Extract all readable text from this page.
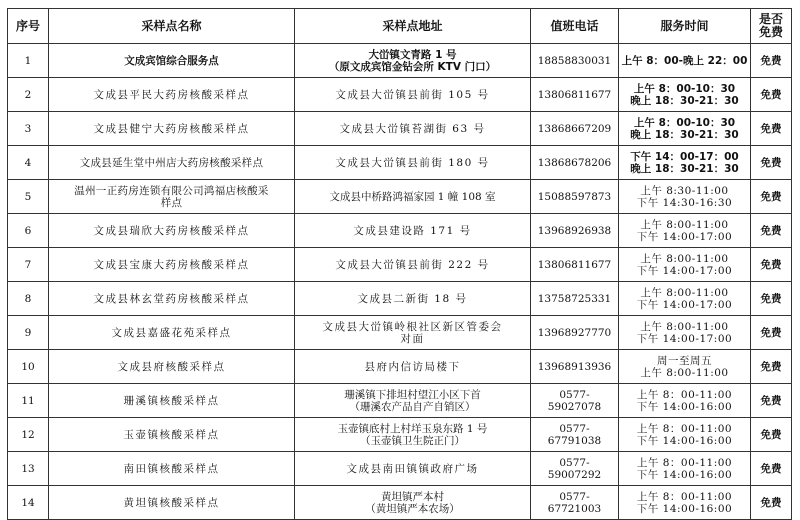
序号	采样点名称	采样点地址	值班电话	服务时间	是否
免费

1	文成宾馆综合服务点	大峃镇文青路 1 号
（原文成宾馆金钻会所 KTV 门口）	18858830031	上午 8：00-晚上 22：00	免费
2	文成县平民大药房核酸采样点	文成县大峃镇县前街 105 号	13806811677	上午 8：00-10：30
晚上 18：30-21：30	免费
3	文成县健宁大药房核酸采样点	文成县大峃镇苔湖街 63 号	13868667209	上午 8：00-10：30
晚上 18：30-21：30	免费
4	文成县延生堂中州店大药房核酸采样点	文成县大峃镇县前街 180 号	13868678206	下午 14：00-17：00
晚上 18：30-21：30	免费
5	温州一正药房连锁有限公司鸿福店核酸采
样点	文成县中桥路鸿福家园 1 幢 108 室	15088597873	上午 8:30-11:00
下午 14:30-16:30	免费
6	文成县瑞欣大药房核酸采样点	文成县建设路 171 号	13968926938	上午 8:00-11:00
下午 14:00-17:00	免费
7	文成县宝康大药房核酸采样点	文成县大峃镇县前街 222 号	13806811677	上午 8:00-11:00
下午 14:00-17:00	免费
8	文成县林玄堂药房核酸采样点	文成县二新街 18 号	13758725331	上午 8:00-11:00
下午 14:00-17:00	免费
9	文成县嘉盛花苑采样点	文成县大峃镇岭根社区新区管委会
对面	13968927770	上午 8:00-11:00
下午 14:00-17:00	免费
10	文成县府核酸采样点	县府内信访局楼下	13968913936	周一至周五
上午 8:00-11:00	免费
11	珊溪镇核酸采样点	珊溪镇下排坦村望江小区下首
（珊溪农产品自产自销区）	0577-59027078	上午 8：00-11:00
下午 14:00-16:00	免费
12	玉壶镇核酸采样点	玉壶镇底村上村垟玉泉东路 1 号
（玉壶镇卫生院正门）	0577-67791038	上午 8：00-11:00
下午 14:00-16:00	免费
13	南田镇核酸采样点	文成县南田镇镇政府广场	0577-59007292	上午 8：00-11:00
下午 14:00-16:00	免费
14	黄坦镇核酸采样点	黄坦镇严本村
（黄坦镇严本农场）	0577-67721003	上午 8：00-11:00
下午 14:00-16:00	免费
